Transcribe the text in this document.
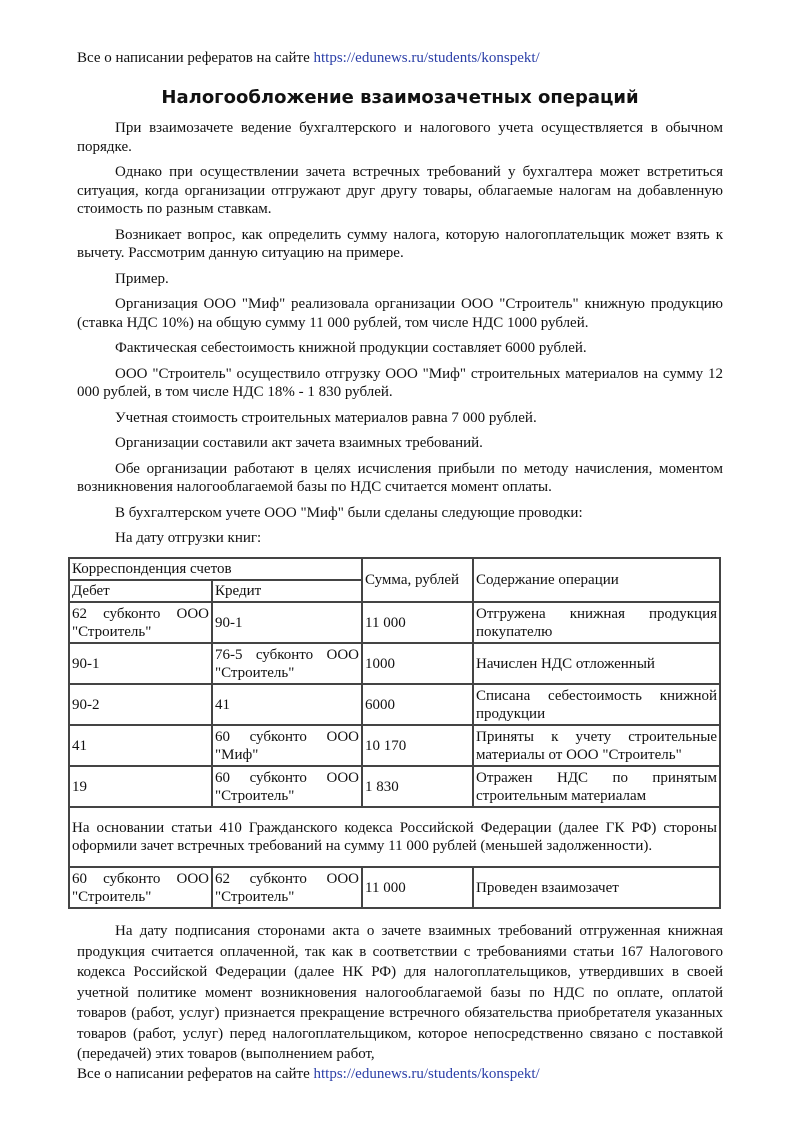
Все о написании рефератов на сайте https://edunews.ru/students/konspekt/
Налогообложение взаимозачетных операций

При взаимозачете ведение бухгалтерского и налогового учета осуществляется в обычном порядке.

Однако при осуществлении зачета встречных требований у бухгалтера может встретиться ситуация, когда организации отгружают друг другу товары, облагаемые налогам на добавленную стоимость по разным ставкам.

Возникает вопрос, как определить сумму налога, которую налогоплательщик может взять к вычету. Рассмотрим данную ситуацию на примере.

Пример.

Организация ООО "Миф" реализовала организации ООО "Строитель" книжную продукцию (ставка НДС 10%) на общую сумму 11 000 рублей, том числе НДС 1000 рублей.

Фактическая себестоимость книжной продукции составляет 6000 рублей.

ООО "Строитель" осуществило отгрузку ООО "Миф" строительных материалов на сумму 12 000 рублей, в том числе НДС 18% - 1 830 рублей.

Учетная стоимость строительных материалов равна 7 000 рублей.

Организации составили акт зачета взаимных требований.

Обе организации работают в целях исчисления прибыли по методу начисления, моментом возникновения налогооблагаемой базы по НДС считается момент оплаты.

В бухгалтерском учете ООО "Миф" были сделаны следующие проводки:

На дату отгрузки книг:

Корреспонденция счетов		Сумма, рублей	Содержание операции
Дебет	Кредит		
62 субконто ООО "Строитель"	90-1	11 000	Отгружена книжная продукция покупателю
90-1	76-5 субконто ООО "Строитель"	1000	Начислен НДС отложенный
90-2	41	6000	Списана себестоимость книжной продукции
41	60 субконто ООО "Миф"	10 170	Приняты к учету строительные материалы от ООО "Строитель"
19	60 субконто ООО "Строитель"	1 830	Отражен НДС по принятым строительным материалам
На основании статьи 410 Гражданского кодекса Российской Федерации (далее ГК РФ) стороны оформили зачет встречных требований на сумму 11 000 рублей (меньшей задолженности).			
60 субконто ООО "Строитель"	62 субконто ООО "Строитель"	11 000	Проведен взаимозачет

На дату подписания сторонами акта о зачете взаимных требований отгруженная книжная продукция считается оплаченной, так как в соответствии с требованиями статьи 167 Налогового кодекса Российской Федерации (далее НК РФ) для налогоплательщиков, утвердивших в своей учетной политике момент возникновения налогооблагаемой базы по НДС по оплате, оплатой товаров (работ, услуг) признается прекращение встречного обязательства приобретателя указанных товаров (работ, услуг) перед налогоплательщиком, которое непосредственно связано с поставкой (передачей) этих товаров (выполнением работ,

Все о написании рефератов на сайте https://edunews.ru/students/konspekt/
